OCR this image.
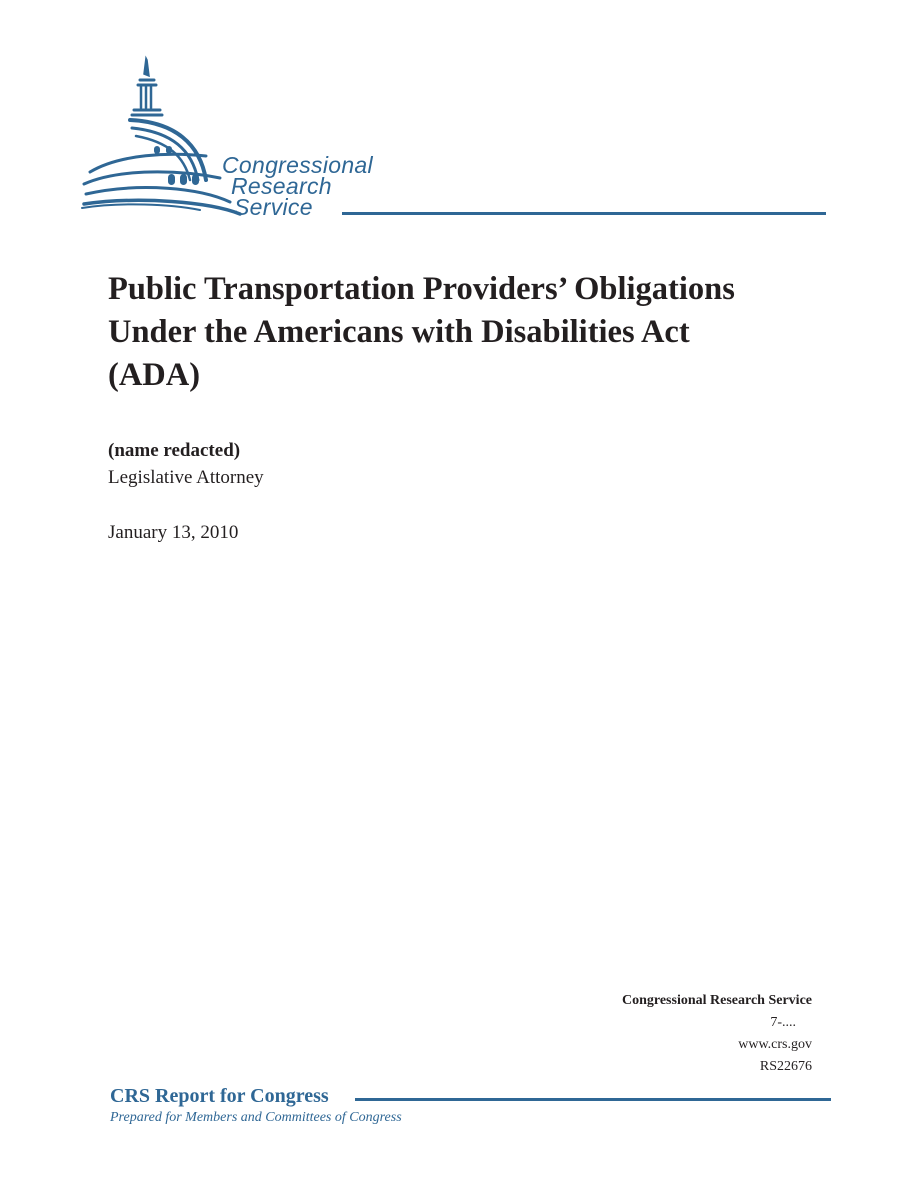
Congressional
Research
Service
Public Transportation Providers’ Obligations
Under the Americans with Disabilities Act
(ADA)
(name redacted)
Legislative Attorney
January 13, 2010
Congressional Research Service
7-....
www.crs.gov
RS22676
CRS Report for Congress
Prepared for Members and Committees of Congress
